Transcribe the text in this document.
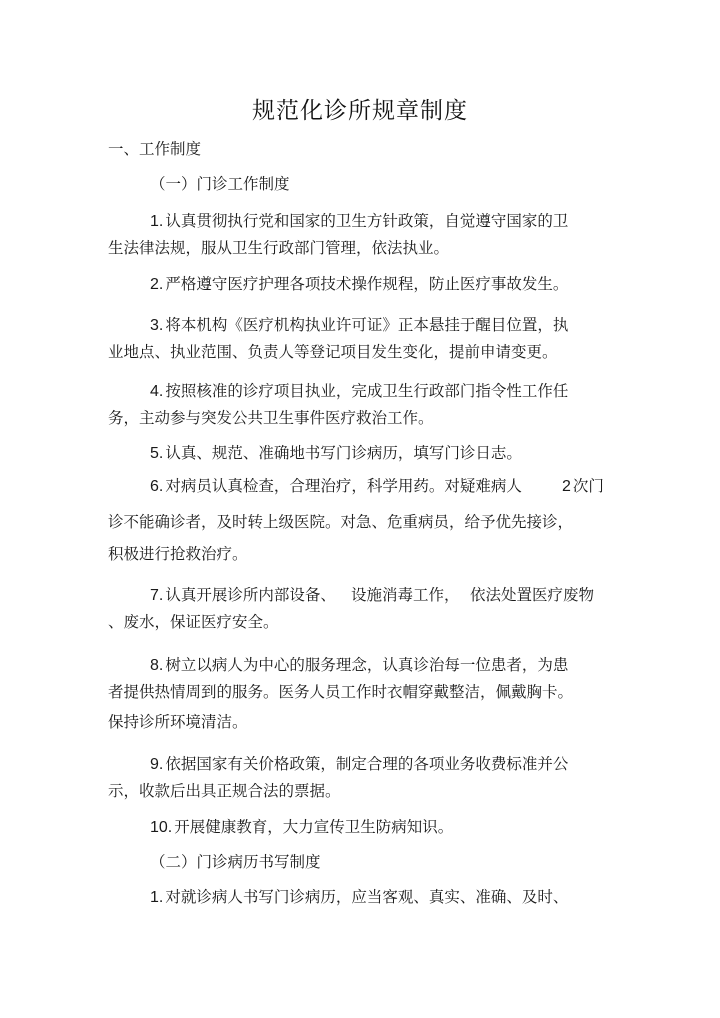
规范化诊所规章制度
一、工作制度
（一）门诊工作制度
1. 认真贯彻执行党和国家的卫生方针政策，自觉遵守国家的卫
生法律法规，服从卫生行政部门管理，依法执业。
2. 严格遵守医疗护理各项技术操作规程，防止医疗事故发生。
3. 将本机构《医疗机构执业许可证》正本悬挂于醒目位置，执
业地点、执业范围、负责人等登记项目发生变化，提前申请变更。
4. 按照核准的诊疗项目执业，完成卫生行政部门指令性工作任
务，主动参与突发公共卫生事件医疗救治工作。
5. 认真、规范、准确地书写门诊病历，填写门诊日志。
6. 对病员认真检查，合理治疗，科学用药。对疑难病人	2 次门
诊不能确诊者，及时转上级医院。对急、危重病员，给予优先接诊，
积极进行抢救治疗。
7. 认真开展诊所内部设备、 设施消毒工作， 依法处置医疗废物
、废水，保证医疗安全。
8. 树立以病人为中心的服务理念，认真诊治每一位患者，为患
者提供热情周到的服务。医务人员工作时衣帽穿戴整洁，佩戴胸卡。
保持诊所环境清洁。
9. 依据国家有关价格政策，制定合理的各项业务收费标准并公
示，收款后出具正规合法的票据。
10. 开展健康教育，大力宣传卫生防病知识。
（二）门诊病历书写制度
1. 对就诊病人书写门诊病历，应当客观、真实、准确、及时、
